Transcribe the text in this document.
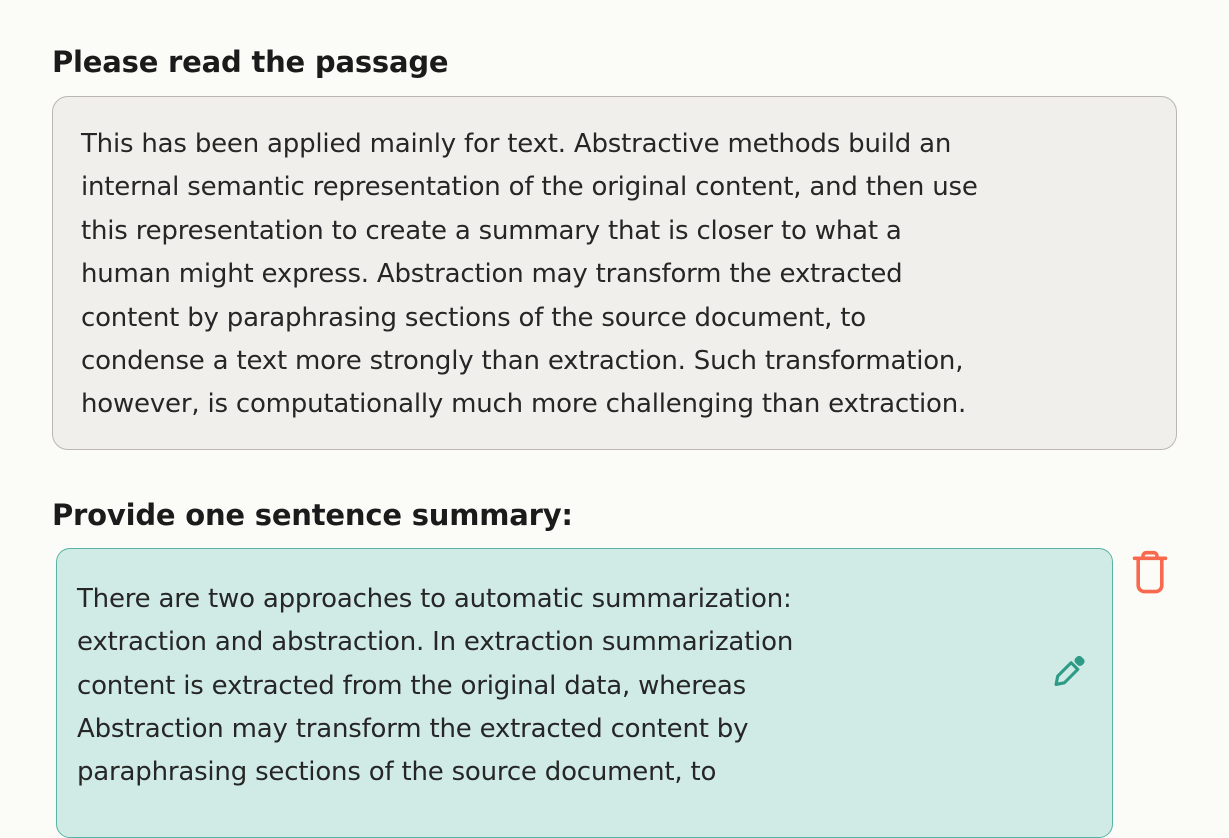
Please read the passage
This has been applied mainly for text. Abstractive methods build an
internal semantic representation of the original content, and then use
this representation to create a summary that is closer to what a
human might express. Abstraction may transform the extracted
content by paraphrasing sections of the source document, to
condense a text more strongly than extraction. Such transformation,
however, is computationally much more challenging than extraction.
Provide one sentence summary:
There are two approaches to automatic summarization:
extraction and abstraction. In extraction summarization
content is extracted from the original data, whereas
Abstraction may transform the extracted content by
paraphrasing sections of the source document, to
